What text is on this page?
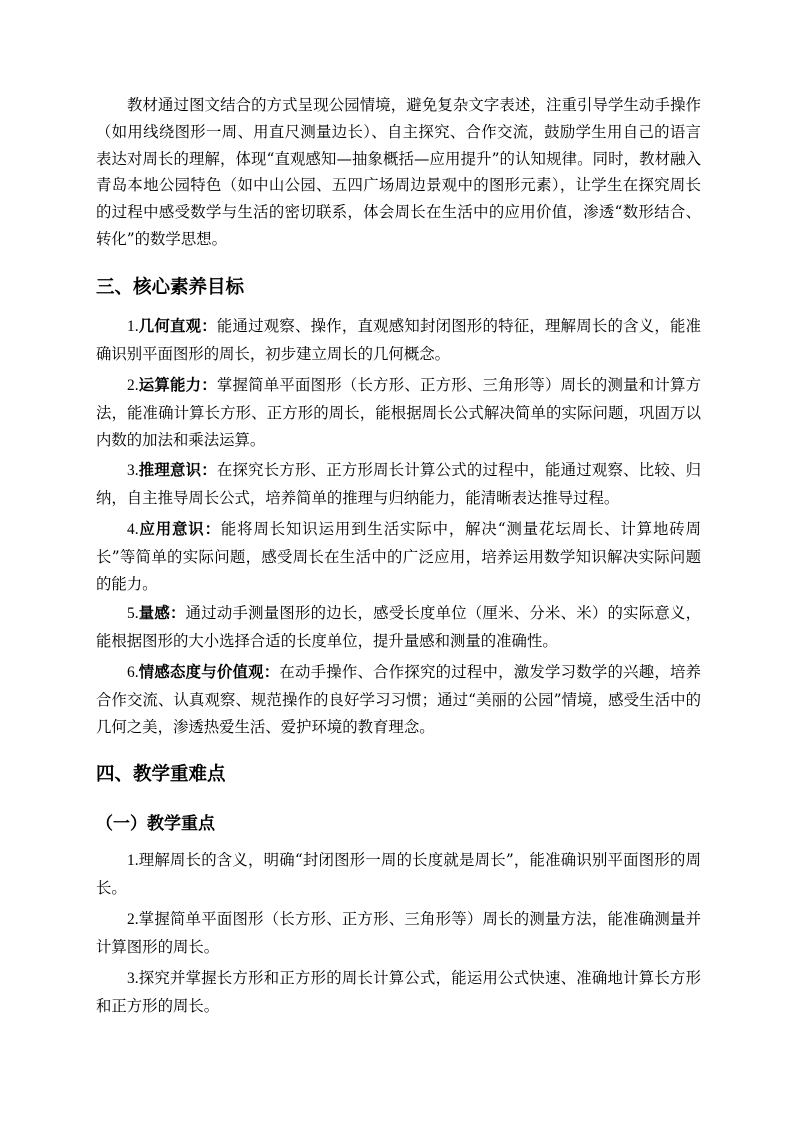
教材通过图文结合的方式呈现公园情境，避免复杂文字表述，注重引导学生动手操作（如用线绕图形一周、用直尺测量边长）、自主探究、合作交流，鼓励学生用自己的语言表达对周长的理解，体现“直观感知—抽象概括—应用提升”的认知规律。同时，教材融入青岛本地公园特色（如中山公园、五四广场周边景观中的图形元素），让学生在探究周长的过程中感受数学与生活的密切联系，体会周长在生活中的应用价值，渗透“数形结合、转化”的数学思想。

三、核心素养目标

1.几何直观：能通过观察、操作，直观感知封闭图形的特征，理解周长的含义，能准确识别平面图形的周长，初步建立周长的几何概念。

2.运算能力：掌握简单平面图形（长方形、正方形、三角形等）周长的测量和计算方法，能准确计算长方形、正方形的周长，能根据周长公式解决简单的实际问题，巩固万以内数的加法和乘法运算。

3.推理意识：在探究长方形、正方形周长计算公式的过程中，能通过观察、比较、归纳，自主推导周长公式，培养简单的推理与归纳能力，能清晰表达推导过程。

4.应用意识：能将周长知识运用到生活实际中，解决“测量花坛周长、计算地砖周长”等简单的实际问题，感受周长在生活中的广泛应用，培养运用数学知识解决实际问题的能力。

5.量感：通过动手测量图形的边长，感受长度单位（厘米、分米、米）的实际意义，能根据图形的大小选择合适的长度单位，提升量感和测量的准确性。

6.情感态度与价值观：在动手操作、合作探究的过程中，激发学习数学的兴趣，培养合作交流、认真观察、规范操作的良好学习习惯；通过“美丽的公园”情境，感受生活中的几何之美，渗透热爱生活、爱护环境的教育理念。

四、教学重难点
（一）教学重点

1.理解周长的含义，明确“封闭图形一周的长度就是周长”，能准确识别平面图形的周长。

2.掌握简单平面图形（长方形、正方形、三角形等）周长的测量方法，能准确测量并计算图形的周长。

3.探究并掌握长方形和正方形的周长计算公式，能运用公式快速、准确地计算长方形和正方形的周长。
